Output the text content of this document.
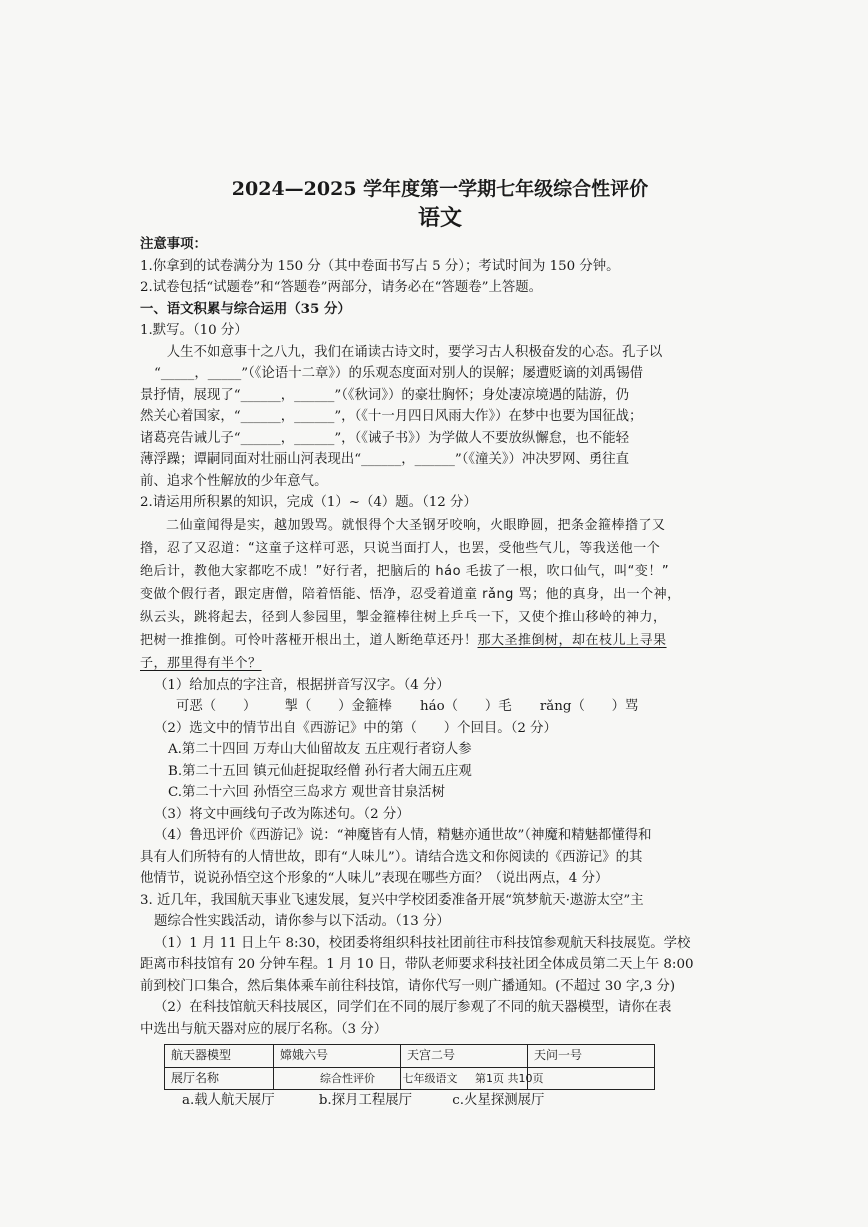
2024—2025 学年度第一学期七年级综合性评价
语文
注意事项：
1.你拿到的试卷满分为 150 分（其中卷面书写占 5 分）；考试时间为 150 分钟。
2.试卷包括“试题卷”和“答题卷”两部分，请务必在“答题卷”上答题。
一、语文积累与综合运用（35 分）
1.默写。（10 分）
人生不如意事十之八九，我们在诵读古诗文时，要学习古人积极奋发的心态。孔子以
“_____，_____”（《论语十二章》）的乐观态度面对别人的误解；屡遭贬谪的刘禹锡借
景抒情，展现了“______，______”（《秋词》）的豪壮胸怀；身处凄凉境遇的陆游，仍
然关心着国家，“______，______”，（《十一月四日风雨大作》）在梦中也要为国征战；
诸葛亮告诫儿子“______，______”，（《诫子书》）为学做人不要放纵懈怠，也不能轻
薄浮躁；谭嗣同面对壮丽山河表现出“______，______”（《潼关》）冲决罗网、勇往直
前、追求个性解放的少年意气。
2.请运用所积累的知识，完成（1）~（4）题。（12 分）
二仙童闻得是实，越加毁骂。就恨得个大圣钢牙咬响，火眼睁圆，把条金箍棒揝了又
揝，忍了又忍道：“这童子这样可恶，只说当面打人，也罢，受他些气儿，等我送他一个
绝后计，教他大家都吃不成！”好行者，把脑后的 háo 毛拔了一根，吹口仙气，叫“变！”
变做个假行者，跟定唐僧，陪着悟能、悟净，忍受着道童 rǎng 骂；他的真身，出一个神，
纵云头，跳将起去，径到人参园里，掣金箍棒往树上乒乓一下，又使个推山移岭的神力，
把树一推推倒。可怜叶落桠开根出土，道人断绝草还丹！那大圣推倒树，却在枝儿上寻果
子，那里得有半个？
（1）给加点的字注音，根据拼音写汉字。（4 分）
可恶（　　） 掣（　　）金箍棒 háo（　　）毛 rǎng（　　）骂
（2）选文中的情节出自《西游记》中的第（　　）个回目。（2 分）
A.第二十四回 万寿山大仙留故友 五庄观行者窃人参
B.第二十五回 镇元仙赶捉取经僧 孙行者大闹五庄观
C.第二十六回 孙悟空三岛求方 观世音甘泉活树
（3）将文中画线句子改为陈述句。（2 分）
（4）鲁迅评价《西游记》说：“神魔皆有人情，精魅亦通世故”（神魔和精魅都懂得和
具有人们所特有的人情世故，即有“人味儿”）。请结合选文和你阅读的《西游记》的其
他情节，说说孙悟空这个形象的“人味儿”表现在哪些方面？（说出两点，4 分）
3. 近几年，我国航天事业飞速发展，复兴中学校团委准备开展“筑梦航天·遨游太空”主
题综合性实践活动，请你参与以下活动。（13 分）
（1）1 月 11 日上午 8:30，校团委将组织科技社团前往市科技馆参观航天科技展览。学校
距离市科技馆有 20 分钟车程。1 月 10 日，带队老师要求科技社团全体成员第二天上午 8:00
前到校门口集合，然后集体乘车前往科技馆，请你代写一则广播通知。(不超过 30 字,3 分)
（2）在科技馆航天科技展区，同学们在不同的展厅参观了不同的航天器模型，请你在表
中选出与航天器对应的展厅名称。（3 分）
航天器模型	嫦娥六号	天宫二号	天问一号
展厅名称			
a.载人航天展厅	b.探月工程展厅	c.火星探测展厅
综合性评价	七年级语文 第1页 共10页
